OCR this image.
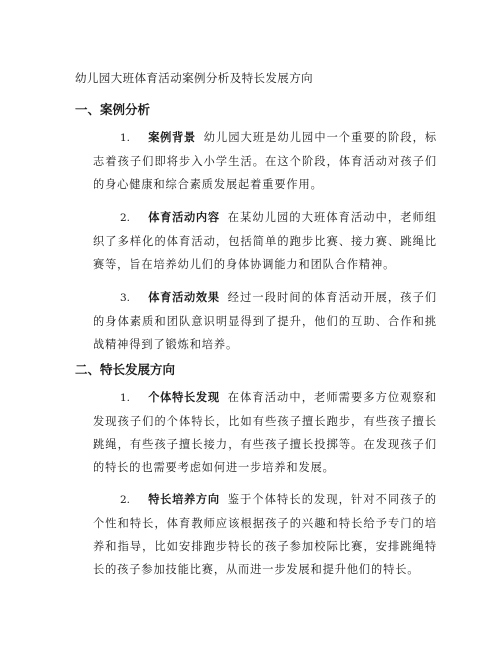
幼儿园大班体育活动案例分析及特长发展方向
一、案例分析
1. 案例背景 幼儿园大班是幼儿园中一个重要的阶段，标志着孩子们即将步入小学生活。在这个阶段，体育活动对孩子们的身心健康和综合素质发展起着重要作用。
2. 体育活动内容 在某幼儿园的大班体育活动中，老师组织了多样化的体育活动，包括简单的跑步比赛、接力赛、跳绳比赛等，旨在培养幼儿们的身体协调能力和团队合作精神。
3. 体育活动效果 经过一段时间的体育活动开展，孩子们的身体素质和团队意识明显得到了提升，他们的互助、合作和挑战精神得到了锻炼和培养。
二、特长发展方向
1. 个体特长发现 在体育活动中，老师需要多方位观察和发现孩子们的个体特长，比如有些孩子擅长跑步，有些孩子擅长跳绳，有些孩子擅长接力，有些孩子擅长投掷等。在发现孩子们的特长的也需要考虑如何进一步培养和发展。
2. 特长培养方向 鉴于个体特长的发现，针对不同孩子的个性和特长，体育教师应该根据孩子的兴趣和特长给予专门的培养和指导，比如安排跑步特长的孩子参加校际比赛，安排跳绳特长的孩子参加技能比赛，从而进一步发展和提升他们的特长。
